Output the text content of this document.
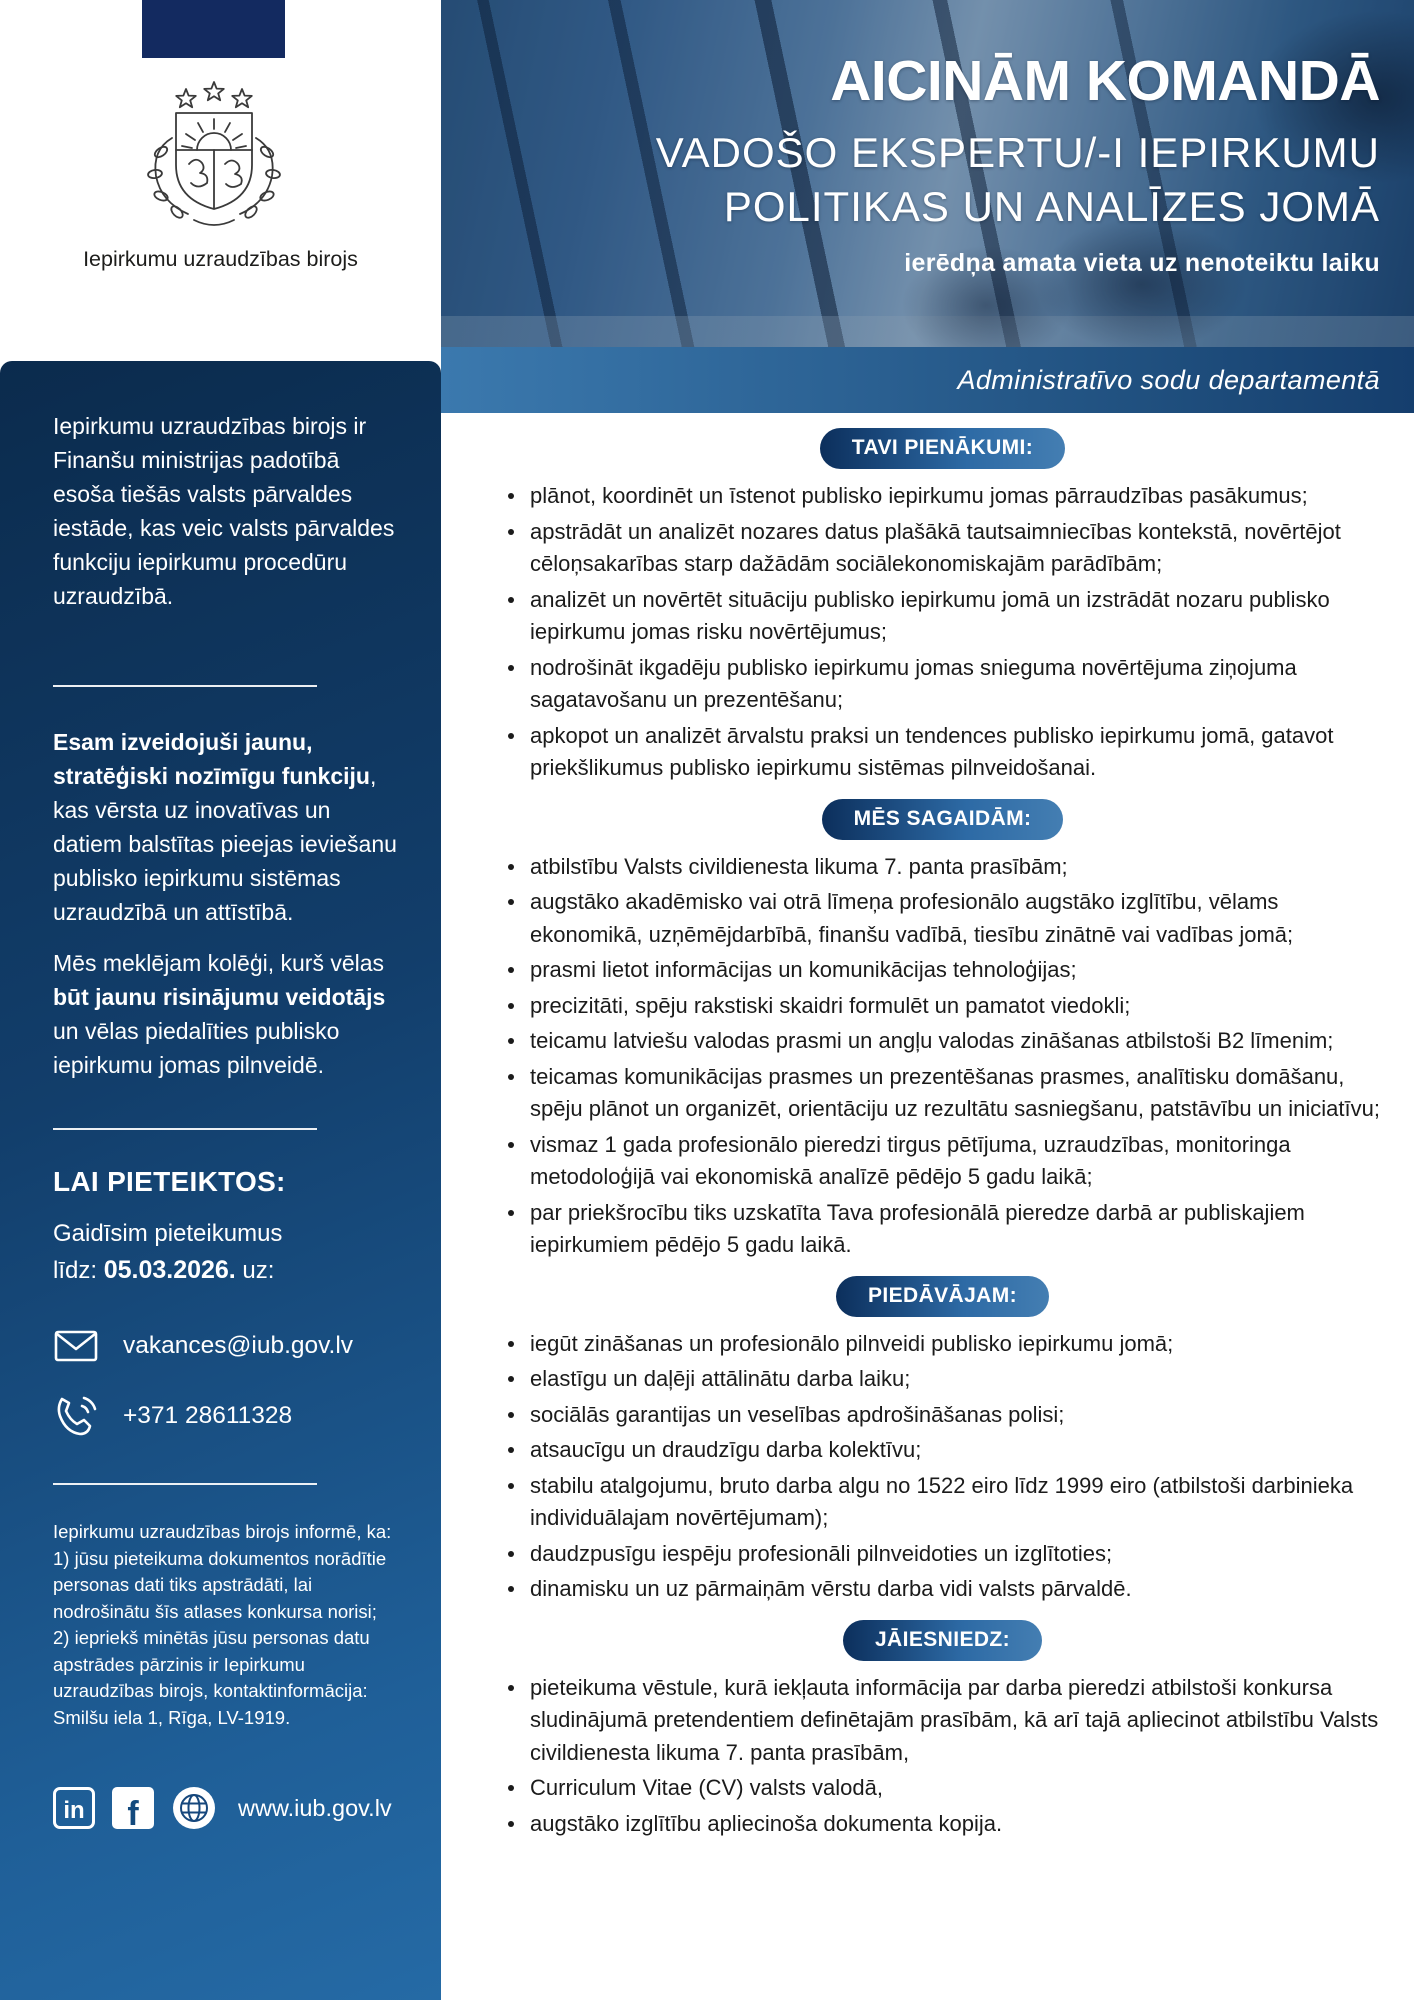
Iepirkumu uzraudzības birojs

Iepirkumu uzraudzības birojs ir Finanšu ministrijas padotībā esoša tiešās valsts pārvaldes iestāde, kas veic valsts pārvaldes funkciju iepirkumu procedūru uzraudzībā.

Esam izveidojuši jaunu, stratēģiski nozīmīgu funkciju, kas vērsta uz inovatīvas un datiem balstītas pieejas ieviešanu publisko iepirkumu sistēmas uzraudzībā un attīstībā.

Mēs meklējam kolēģi, kurš vēlas būt jaunu risinājumu veidotājs un vēlas piedalīties publisko iepirkumu jomas pilnveidē.

LAI PIETEIKTOS:

Gaidīsim pieteikumus
līdz: 05.03.2026. uz:

vakances@iub.gov.lv
+371 28611328
Iepirkumu uzraudzības birojs informē, ka:
1) jūsu pieteikuma dokumentos norādītie personas dati tiks apstrādāti, lai nodrošinātu šīs atlases konkursa norisi;
2) iepriekš minētās jūsu personas datu apstrādes pārzinis ir Iepirkumu uzraudzības birojs, kontaktinformācija: Smilšu iela 1, Rīga, LV-1919.
in	f	www.iub.gov.lv
AICINĀM KOMANDĀ
VADOŠO EKSPERTU/-I IEPIRKUMU
POLITIKAS UN ANALĪZES JOMĀ
ierēdņa amata vieta uz nenoteiktu laiku
Administratīvo sodu departamentā
TAVI PIENĀKUMI:
plānot, koordinēt un īstenot publisko iepirkumu jomas pārraudzības pasākumus;
apstrādāt un analizēt nozares datus plašākā tautsaimniecības kontekstā, novērtējot cēloņsakarības starp dažādām sociālekonomiskajām parādībām;
analizēt un novērtēt situāciju publisko iepirkumu jomā un izstrādāt nozaru publisko iepirkumu jomas risku novērtējumus;
nodrošināt ikgadēju publisko iepirkumu jomas snieguma novērtējuma ziņojuma sagatavošanu un prezentēšanu;
apkopot un analizēt ārvalstu praksi un tendences publisko iepirkumu jomā, gatavot priekšlikumus publisko iepirkumu sistēmas pilnveidošanai.
MĒS SAGAIDĀM:
atbilstību Valsts civildienesta likuma 7. panta prasībām;
augstāko akadēmisko vai otrā līmeņa profesionālo augstāko izglītību, vēlams ekonomikā, uzņēmējdarbībā, finanšu vadībā, tiesību zinātnē vai vadības jomā;
prasmi lietot informācijas un komunikācijas tehnoloģijas;
precizitāti, spēju rakstiski skaidri formulēt un pamatot viedokli;
teicamu latviešu valodas prasmi un angļu valodas zināšanas atbilstoši B2 līmenim;
teicamas komunikācijas prasmes un prezentēšanas prasmes, analītisku domāšanu, spēju plānot un organizēt, orientāciju uz rezultātu sasniegšanu, patstāvību un iniciatīvu;
vismaz 1 gada profesionālo pieredzi tirgus pētījuma, uzraudzības, monitoringa metodoloģijā vai ekonomiskā analīzē pēdējo 5 gadu laikā;
par priekšrocību tiks uzskatīta Tava profesionālā pieredze darbā ar publiskajiem iepirkumiem pēdējo 5 gadu laikā.
PIEDĀVĀJAM:
iegūt zināšanas un profesionālo pilnveidi publisko iepirkumu jomā;
elastīgu un daļēji attālinātu darba laiku;
sociālās garantijas un veselības apdrošināšanas polisi;
atsaucīgu un draudzīgu darba kolektīvu;
stabilu atalgojumu, bruto darba algu no 1522 eiro līdz 1999 eiro (atbilstoši darbinieka individuālajam novērtējumam);
daudzpusīgu iespēju profesionāli pilnveidoties un izglītoties;
dinamisku un uz pārmaiņām vērstu darba vidi valsts pārvaldē.
JĀIESNIEDZ:
pieteikuma vēstule, kurā iekļauta informācija par darba pieredzi atbilstoši konkursa sludinājumā pretendentiem definētajām prasībām, kā arī tajā apliecinot atbilstību Valsts civildienesta likuma 7. panta prasībām,
Curriculum Vitae (CV) valsts valodā,
augstāko izglītību apliecinoša dokumenta kopija.
